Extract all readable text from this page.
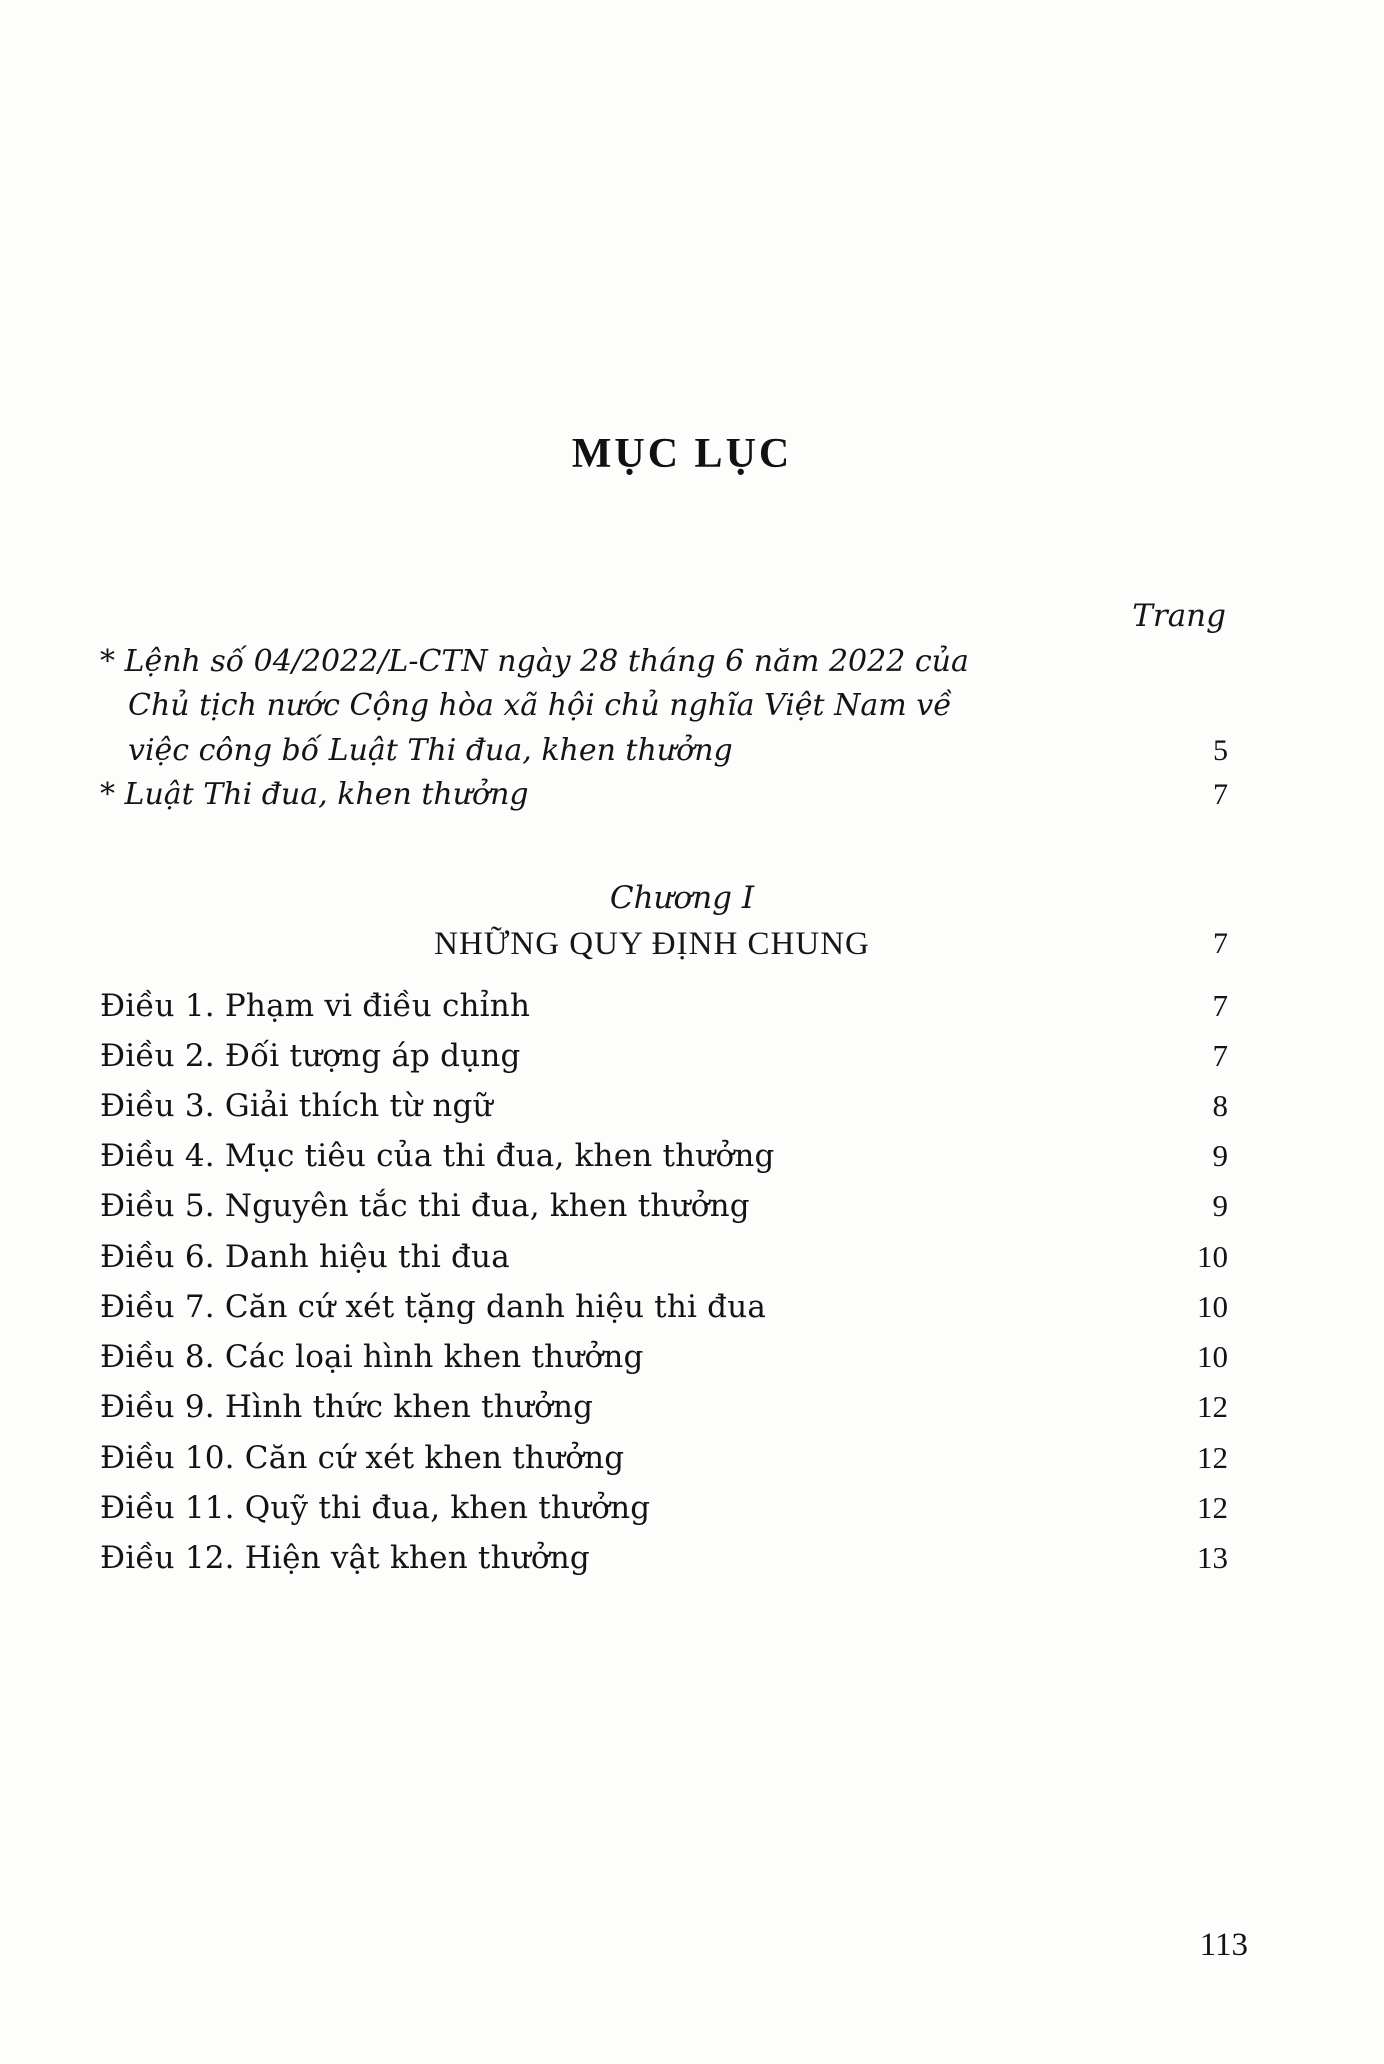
MỤC LỤC
Trang
* Lệnh số 04/2022/L-CTN ngày 28 tháng 6 năm 2022 của
Chủ tịch nước Cộng hòa xã hội chủ nghĩa Việt Nam về
việc công bố Luật Thi đua, khen thưởng	5
* Luật Thi đua, khen thưởng	7
Chương I
NHỮNG QUY ĐỊNH CHUNG	7
Điều 1. Phạm vi điều chỉnh	7
Điều 2. Đối tượng áp dụng	7
Điều 3. Giải thích từ ngữ	8
Điều 4. Mục tiêu của thi đua, khen thưởng	9
Điều 5. Nguyên tắc thi đua, khen thưởng	9
Điều 6. Danh hiệu thi đua	10
Điều 7. Căn cứ xét tặng danh hiệu thi đua	10
Điều 8. Các loại hình khen thưởng	10
Điều 9. Hình thức khen thưởng	12
Điều 10. Căn cứ xét khen thưởng	12
Điều 11. Quỹ thi đua, khen thưởng	12
Điều 12. Hiện vật khen thưởng	13
113
